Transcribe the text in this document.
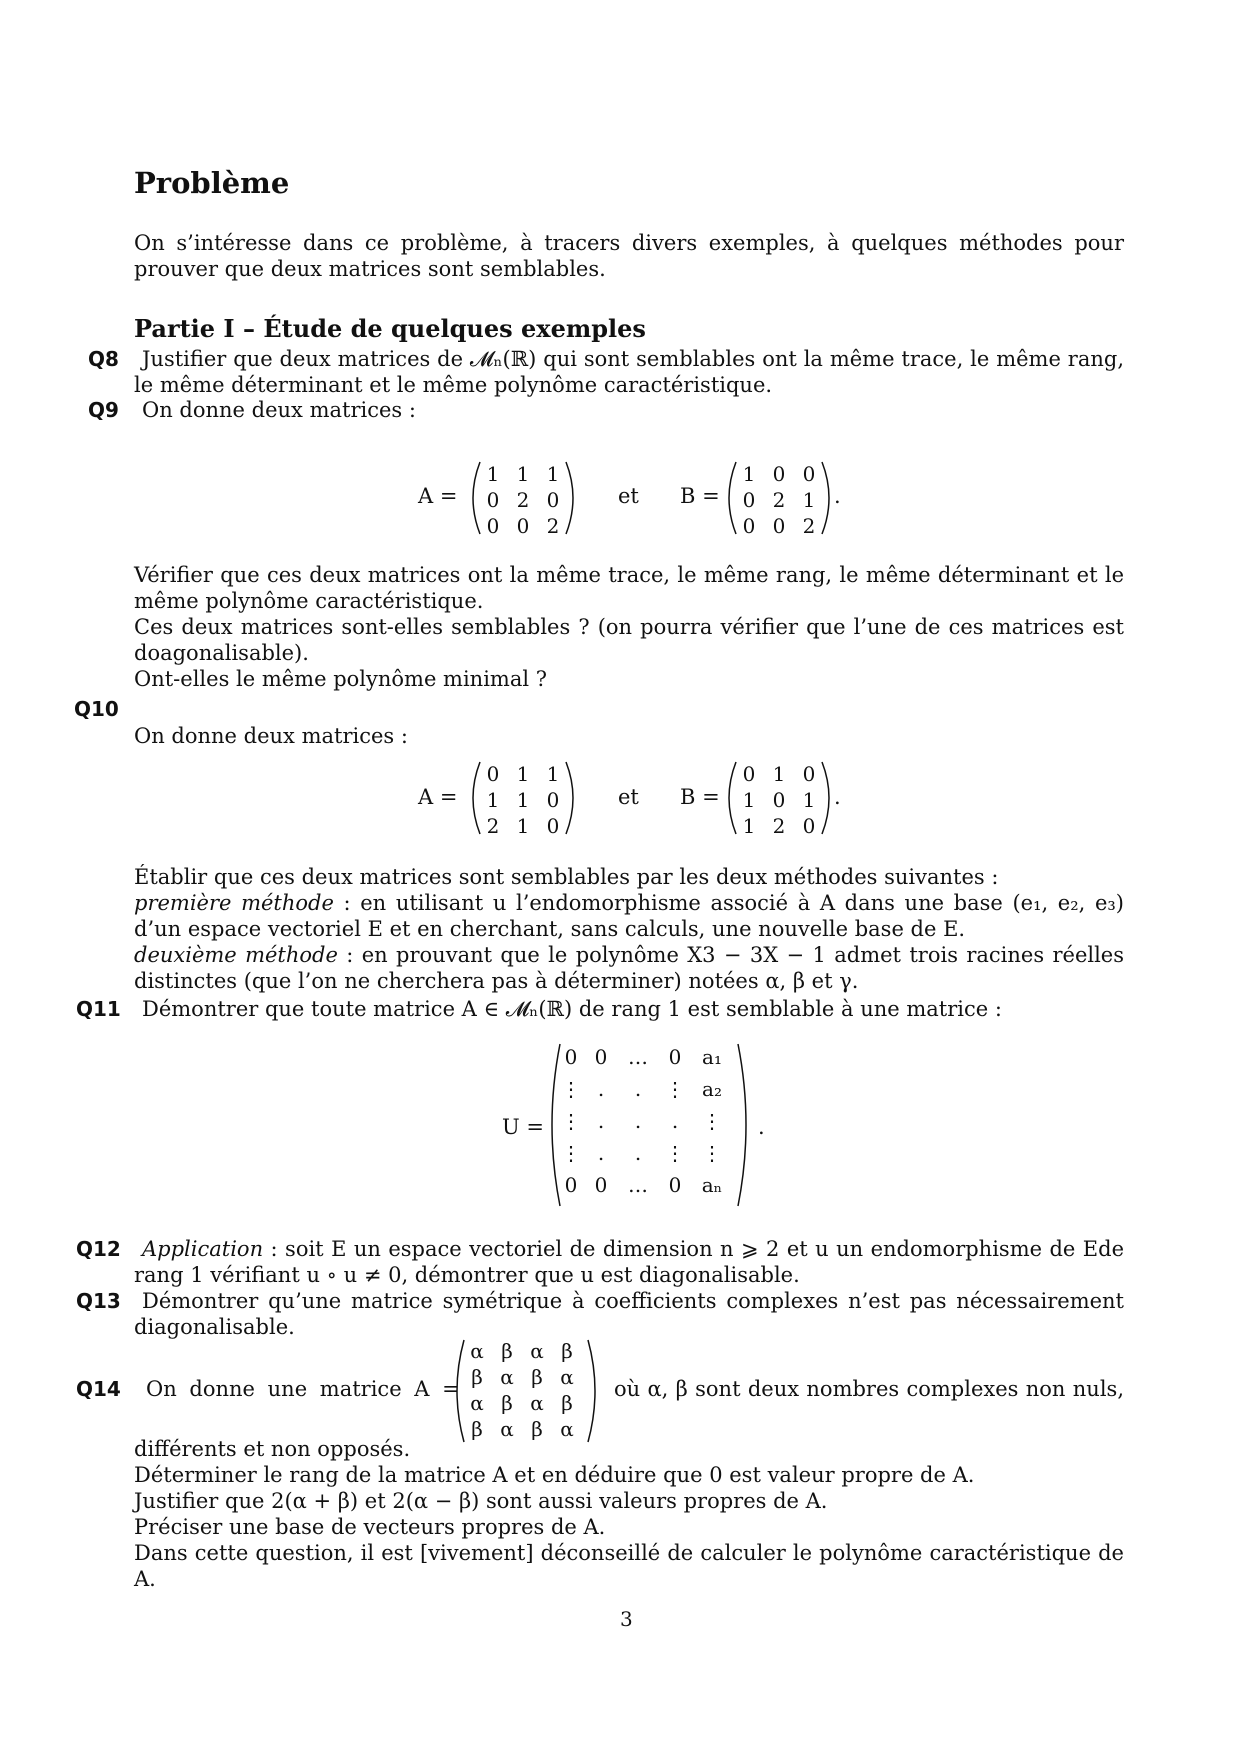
Problème
On s’intéresse dans ce problème, à tracers divers exemples, à quelques méthodes pour prouver que deux matrices sont semblables.
Partie I – Étude de quelques exemples
Q8	Justifier que deux matrices de 𝓜ₙ(ℝ) qui sont semblables ont la même trace, le même rang, le même déterminant et le même polynôme caractéristique.
Q9	On donne deux matrices :
A =
1 1 1
0 2 0
0 0 2
et B =
1 0 0
0 2 1
0 0 2
.
Vérifier que ces deux matrices ont la même trace, le même rang, le même déterminant et le même polynôme caractéristique.
Ces deux matrices sont-elles semblables ? (on pourra vérifier que l’une de ces matrices est doagonalisable).
Ont-elles le même polynôme minimal ?
Q10
On donne deux matrices :
A =
0 1 1
1 1 0
2 1 0
et B =
0 1 0
1 0 1
1 2 0
.
Établir que ces deux matrices sont semblables par les deux méthodes suivantes :
première méthode : en utilisant u l’endomorphisme associé à A dans une base (e₁, e₂, e₃) d’un espace vectoriel E et en cherchant, sans calculs, une nouvelle base de E.
deuxième méthode : en prouvant que le polynôme X3 − 3X − 1 admet trois racines réelles distinctes (que l’on ne cherchera pas à déterminer) notées α, β et γ.
Q11	Démontrer que toute matrice A ∈ 𝓜ₙ(ℝ) de rang 1 est semblable à une matrice :
U =
0 0	…	0	a₁
⋮ .	.	⋮ a₂
⋮ .	.	.	⋮
⋮ .	.	⋮ ⋮
0 0	…	0	aₙ
.
Q12	Application : soit E un espace vectoriel de dimension n ⩾ 2 et u un endomorphisme de Ede rang 1 vérifiant u ∘ u ≠ 0, démontrer que u est diagonalisable.
Q13	Démontrer qu’une matrice symétrique à coefficients complexes n’est pas nécessairement diagonalisable.
Q14 On donne une matrice A =
α β α β
β α β α
α β α β
β α β α
où α, β sont deux nombres complexes non nuls,
différents et non opposés.
Déterminer le rang de la matrice A et en déduire que 0 est valeur propre de A.
Justifier que 2(α + β) et 2(α − β) sont aussi valeurs propres de A.
Préciser une base de vecteurs propres de A.
Dans cette question, il est [vivement] déconseillé de calculer le polynôme caractéristique de A.
3
